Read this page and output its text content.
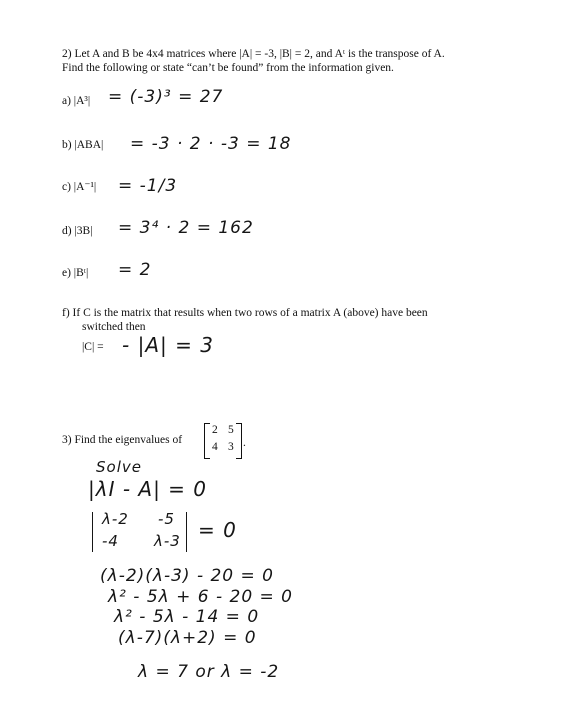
2) Let A and B be 4x4 matrices where |A| = -3, |B| = 2, and Aᵗ is the transpose of A.
Find the following or state “can’t be found” from the information given.
a) |A³| = (-3)³ = 27
b) |ABA| = -3 · 2 · -3 = 18
c) |A⁻¹| = -1/3
d) |3B| = 3⁴ · 2 = 162
e) |Bᵗ| = 2
f) If C is the matrix that results when two rows of a matrix A (above) have been
switched then
|C| = - |A| = 3
3) Find the eigenvalues of
2 5
4 3 .
Solve
|λI - A| = 0
λ-2 -5
-4 λ-3 = 0
(λ-2)(λ-3) - 20 = 0
λ² - 5λ + 6 - 20 = 0
λ² - 5λ - 14 = 0
(λ-7)(λ+2) = 0
λ = 7 or λ = -2
